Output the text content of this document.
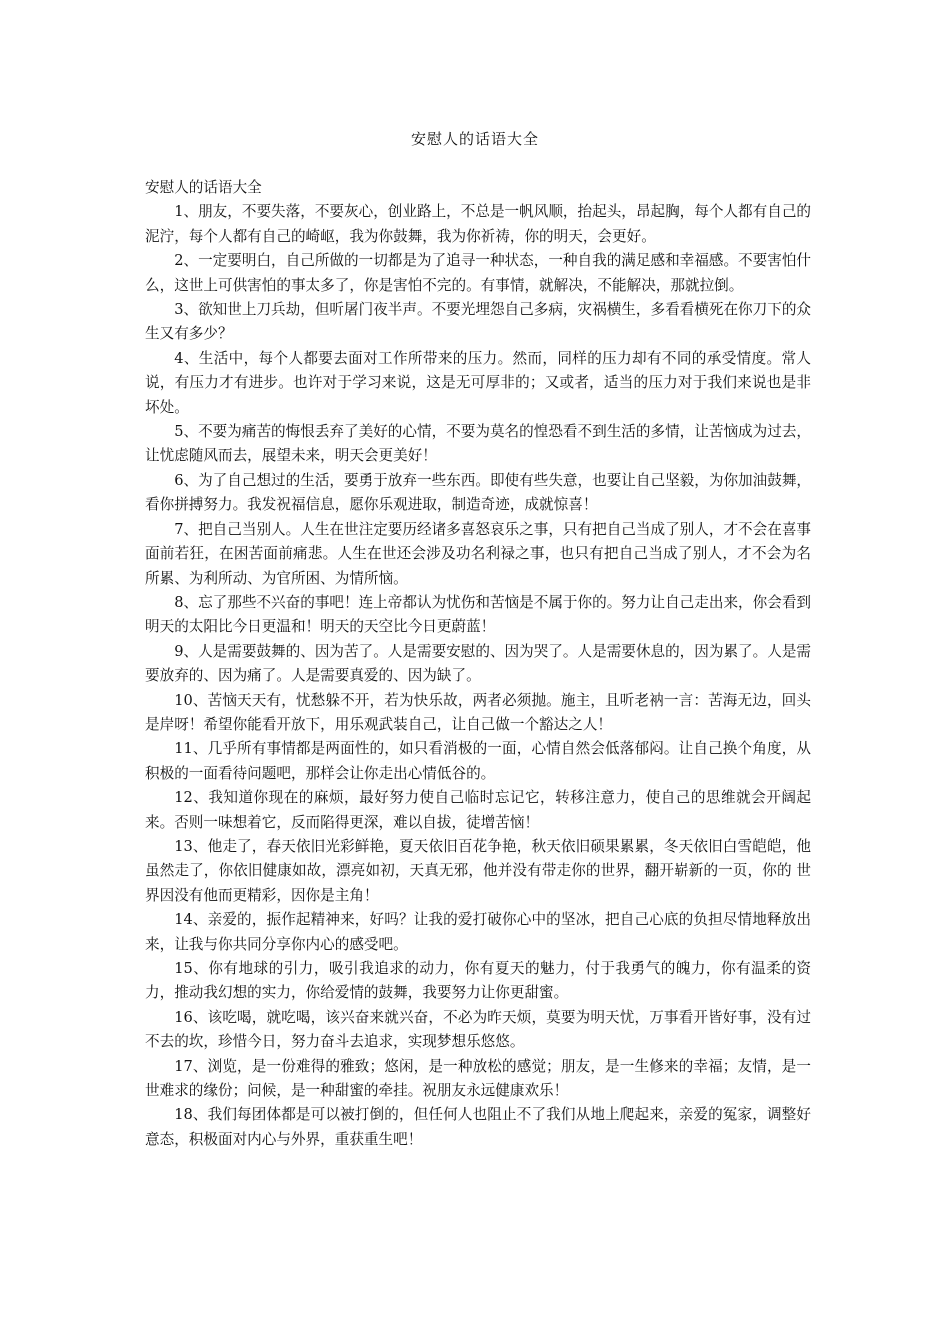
安慰人的话语大全

安慰人的话语大全

1、朋友，不要失落，不要灰心，创业路上，不总是一帆风顺，抬起头，昂起胸，每个人都有自己的泥泞，每个人都有自己的崎岖，我为你鼓舞，我为你祈祷，你的明天，会更好。

2、一定要明白，自己所做的一切都是为了追寻一种状态，一种自我的满足感和幸福感。不要害怕什么，这世上可供害怕的事太多了，你是害怕不完的。有事情，就解决，不能解决，那就拉倒。

3、欲知世上刀兵劫，但听屠门夜半声。不要光埋怨自己多病，灾祸横生，多看看横死在你刀下的众生又有多少？

4、生活中，每个人都要去面对工作所带来的压力。然而，同样的压力却有不同的承受情度。常人说，有压力才有进步。也许对于学习来说，这是无可厚非的；又或者，适当的压力对于我们来说也是非坏处。

5、不要为痛苦的悔恨丢弃了美好的心情，不要为莫名的惶恐看不到生活的多情，让苦恼成为过去，让忧虑随风而去，展望未来，明天会更美好！

6、为了自己想过的生活，要勇于放弃一些东西。即使有些失意，也要让自己坚毅，为你加油鼓舞，看你拼搏努力。我发祝福信息，愿你乐观进取，制造奇迹，成就惊喜！

7、把自己当别人。人生在世注定要历经诸多喜怒哀乐之事，只有把自己当成了别人，才不会在喜事面前若狂，在困苦面前痛悲。人生在世还会涉及功名利禄之事，也只有把自己当成了别人，才不会为名所累、为利所动、为官所困、为情所恼。

8、忘了那些不兴奋的事吧！连上帝都认为忧伤和苦恼是不属于你的。努力让自己走出来，你会看到明天的太阳比今日更温和！明天的天空比今日更蔚蓝！

9、人是需要鼓舞的、因为苦了。人是需要安慰的、因为哭了。人是需要休息的，因为累了。人是需要放弃的、因为痛了。人是需要真爱的、因为缺了。

10、苦恼天天有，忧愁躲不开，若为快乐故，两者必须抛。施主，且听老衲一言：苦海无边，回头是岸呀！希望你能看开放下，用乐观武装自己，让自己做一个豁达之人！

11、几乎所有事情都是两面性的，如只看消极的一面，心情自然会低落郁闷。让自己换个角度，从积极的一面看待问题吧，那样会让你走出心情低谷的。

12、我知道你现在的麻烦，最好努力使自己临时忘记它，转移注意力，使自己的思维就会开阔起来。否则一味想着它，反而陷得更深，难以自拔，徒增苦恼！

13、他走了，春天依旧光彩鲜艳，夏天依旧百花争艳，秋天依旧硕果累累，冬天依旧白雪皑皑，他虽然走了，你依旧健康如故，漂亮如初，天真无邪，他并没有带走你的世界，翻开崭新的一页，你的 世界因没有他而更精彩，因你是主角！

14、亲爱的，振作起精神来，好吗？让我的爱打破你心中的坚冰，把自己心底的负担尽情地释放出来，让我与你共同分享你内心的感受吧。

15、你有地球的引力，吸引我追求的动力，你有夏天的魅力，付于我勇气的魄力，你有温柔的资力，推动我幻想的实力，你给爱情的鼓舞，我要努力让你更甜蜜。

16、该吃喝，就吃喝，该兴奋来就兴奋，不必为昨天烦，莫要为明天忧，万事看开皆好事，没有过不去的坎，珍惜今日，努力奋斗去追求，实现梦想乐悠悠。

17、浏览，是一份难得的雅致；悠闲，是一种放松的感觉；朋友，是一生修来的幸福；友情，是一世难求的缘份；问候，是一种甜蜜的牵挂。祝朋友永远健康欢乐！

18、我们每团体都是可以被打倒的，但任何人也阻止不了我们从地上爬起来，亲爱的冤家，调整好意态，积极面对内心与外界，重获重生吧！
